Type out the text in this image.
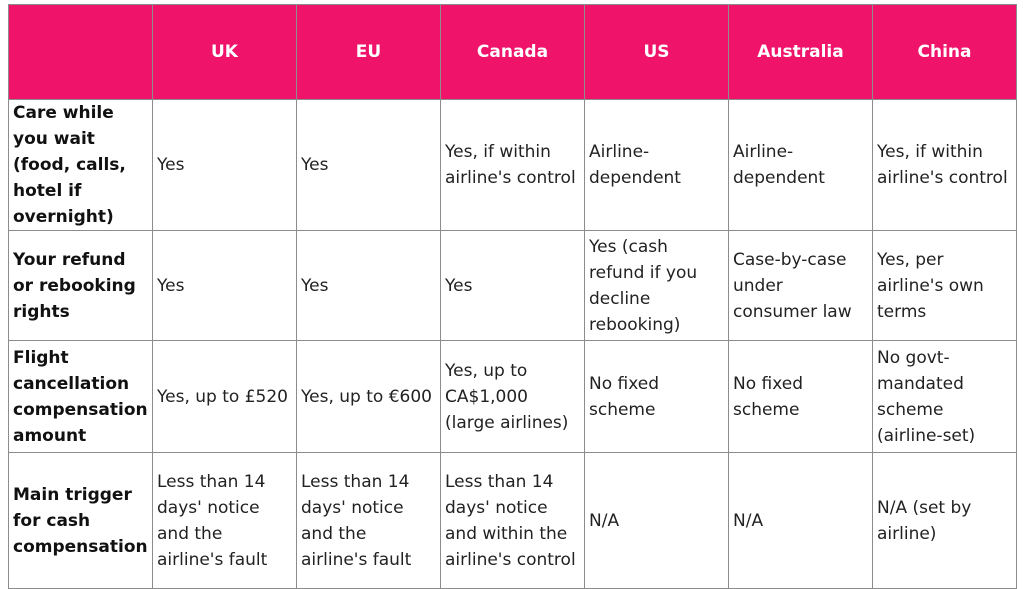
	UK	EU	Canada	US	Australia	China
Care while you wait (food, calls, hotel if overnight)	Yes	Yes	Yes, if within airline's control	Airline-dependent	Airline-dependent	Yes, if within airline's control
Your refund or rebooking rights	Yes	Yes	Yes	Yes (cash refund if you decline rebooking)	Case-by-case under consumer law	Yes, per airline's own terms
Flight cancellation compensation amount	Yes, up to £520	Yes, up to €600	Yes, up to CA$1,000 (large airlines)	No fixed scheme	No fixed scheme	No govt-mandated scheme (airline-set)
Main trigger for cash compensation	Less than 14 days' notice and the airline's fault	Less than 14 days' notice and the airline's fault	Less than 14 days' notice and within the airline's control	N/A	N/A	N/A (set by airline)
